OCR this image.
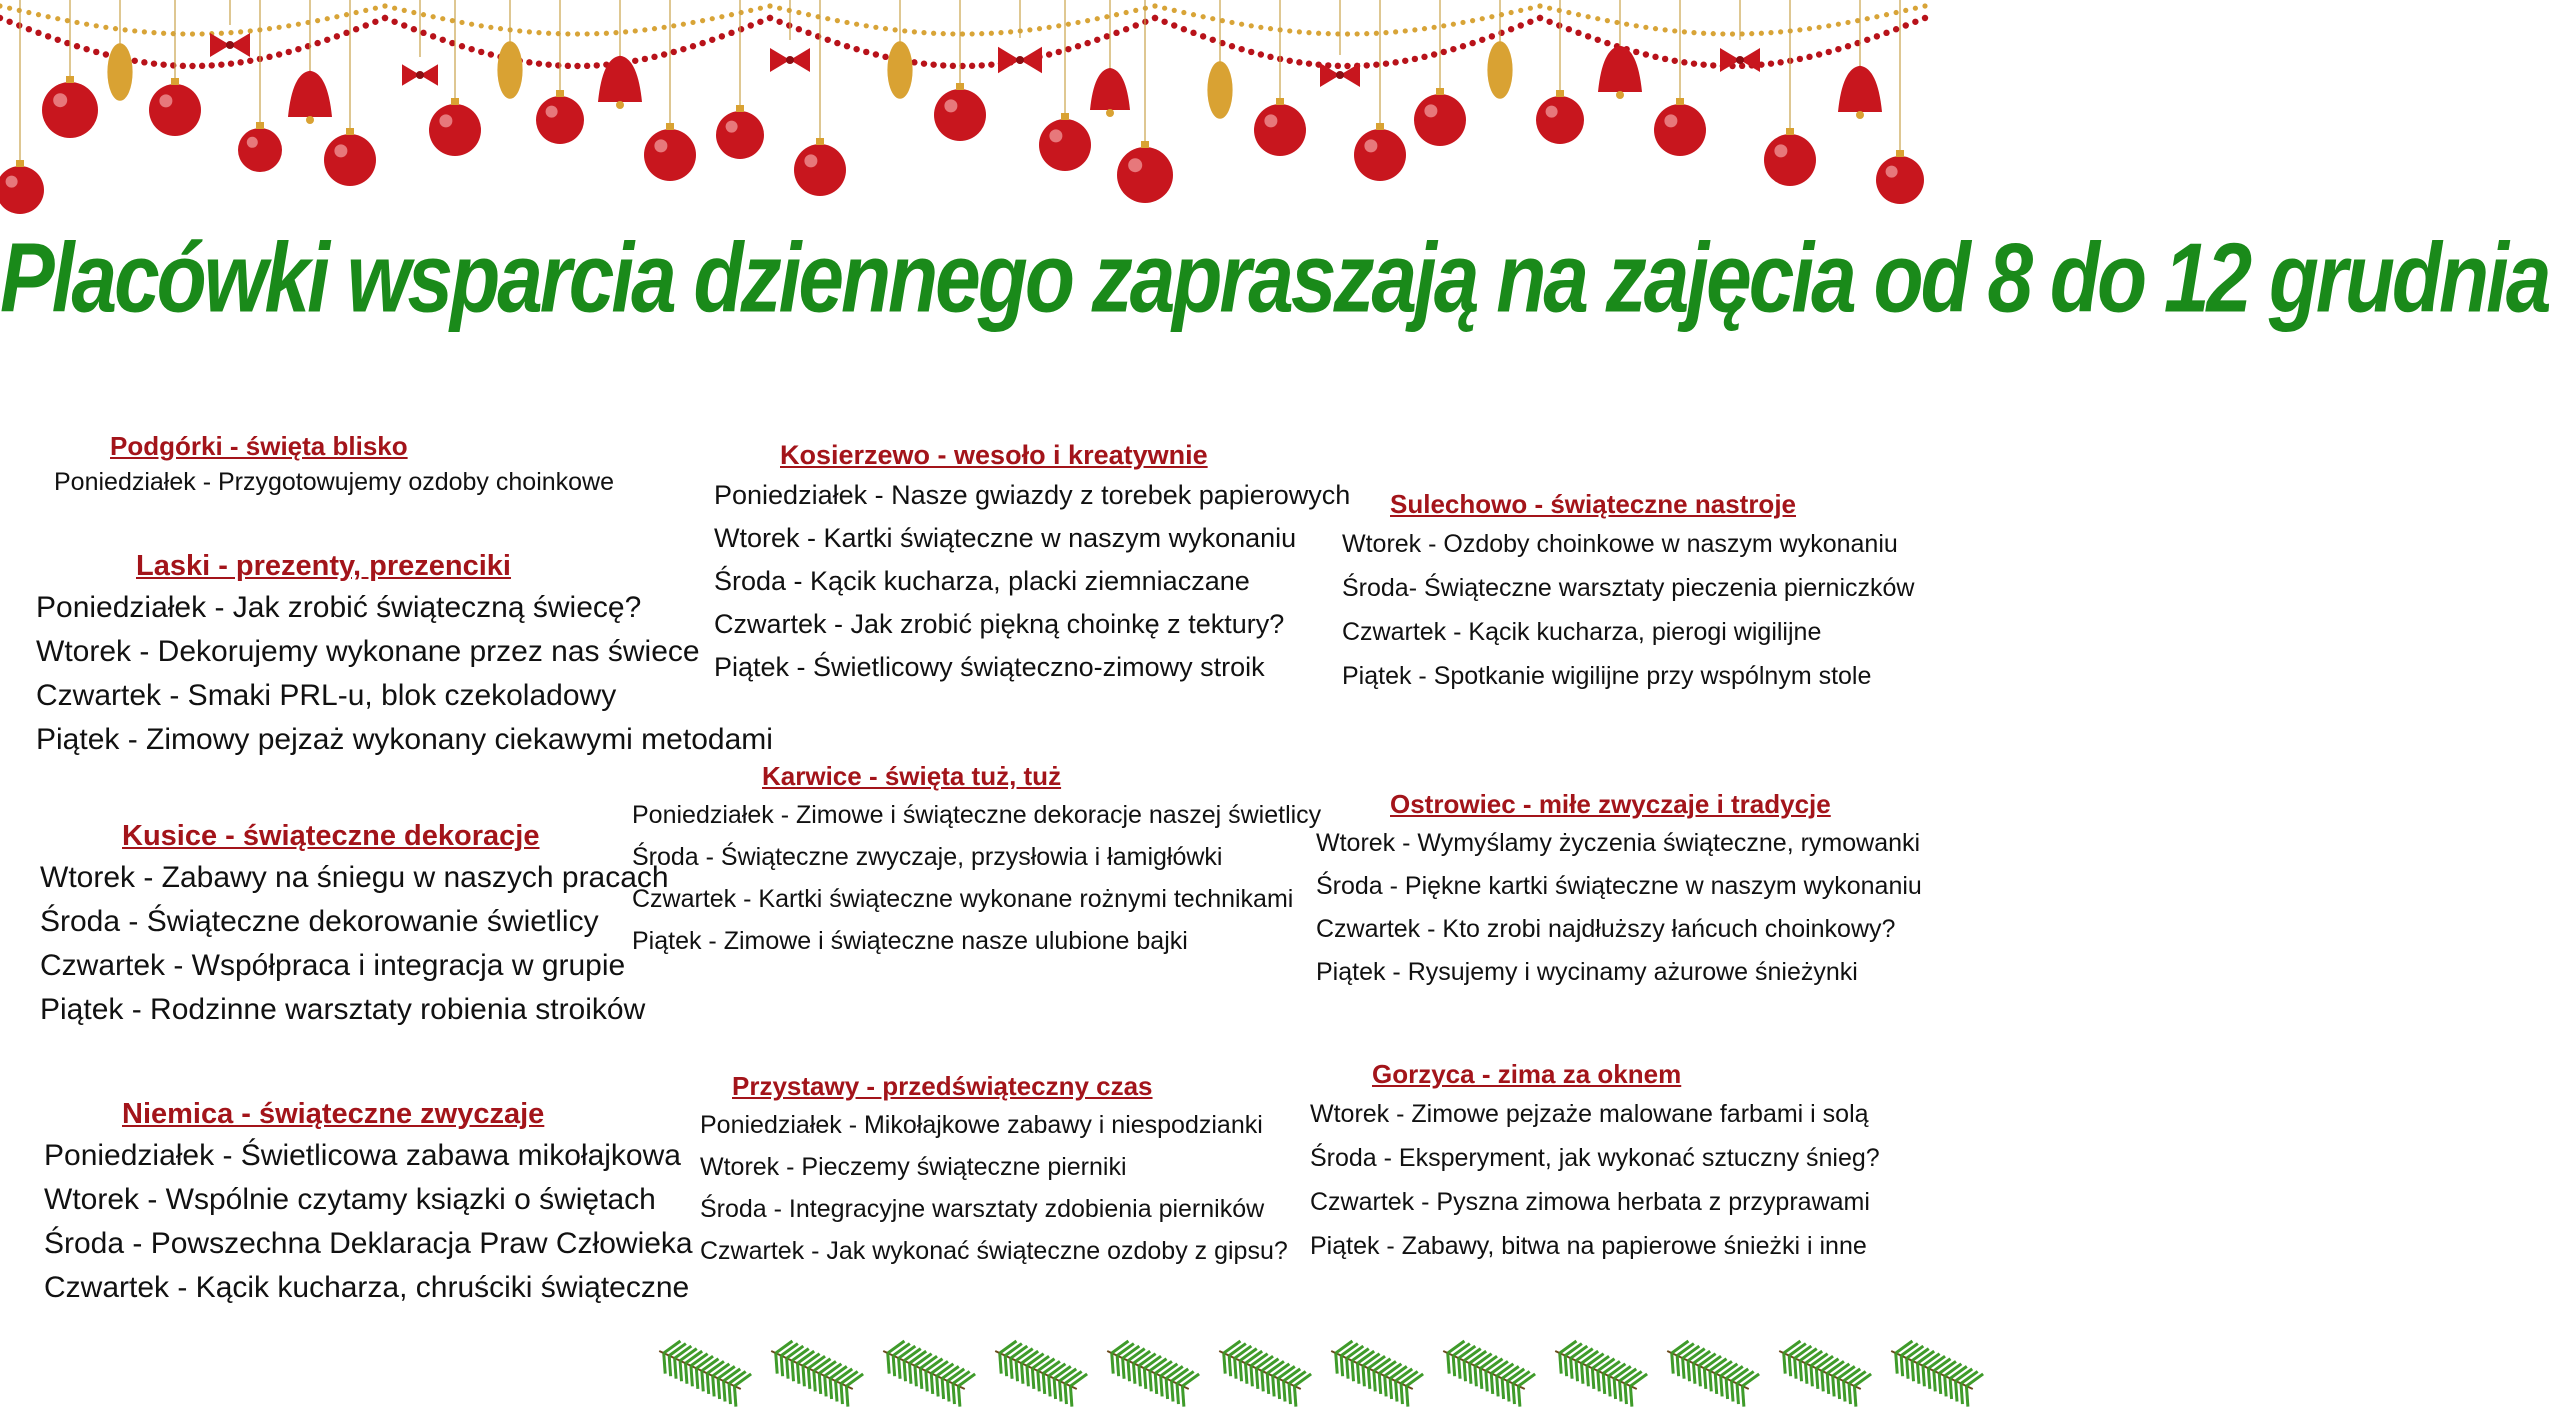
Placówki wsparcia dziennego zapraszają na zajęcia od 8 do 12 grudnia
Podgórki - święta blisko
Poniedziałek - Przygotowujemy ozdoby choinkowe
Laski - prezenty, prezenciki
Poniedziałek - Jak zrobić świąteczną świecę?
Wtorek - Dekorujemy wykonane przez nas świece
Czwartek - Smaki PRL-u, blok czekoladowy
Piątek - Zimowy pejzaż wykonany ciekawymi metodami
Kusice - świąteczne dekoracje
Wtorek - Zabawy na śniegu w naszych pracach
Środa - Świąteczne dekorowanie świetlicy
Czwartek - Współpraca i integracja w grupie
Piątek - Rodzinne warsztaty robienia stroików
Niemica - świąteczne zwyczaje
Poniedziałek - Świetlicowa zabawa mikołajkowa
Wtorek - Wspólnie czytamy ksiązki o świętach
Środa - Powszechna Deklaracja Praw Człowieka
Czwartek - Kącik kucharza, chruściki świąteczne
Kosierzewo - wesoło i kreatywnie
Poniedziałek - Nasze gwiazdy z torebek papierowych
Wtorek - Kartki świąteczne w naszym wykonaniu
Środa - Kącik kucharza, placki ziemniaczane
Czwartek - Jak zrobić piękną choinkę z tektury?
Piątek - Świetlicowy świąteczno-zimowy stroik
Karwice - święta tuż, tuż
Poniedziałek - Zimowe i świąteczne dekoracje naszej świetlicy
Środa - Świąteczne zwyczaje, przysłowia i łamigłówki
Czwartek - Kartki świąteczne wykonane rożnymi technikami
Piątek - Zimowe i świąteczne nasze ulubione bajki
Przystawy - przedświąteczny czas
Poniedziałek - Mikołajkowe zabawy i niespodzianki
Wtorek - Pieczemy świąteczne pierniki
Środa - Integracyjne warsztaty zdobienia pierników
Czwartek - Jak wykonać świąteczne ozdoby z gipsu?
Sulechowo - świąteczne nastroje
Wtorek - Ozdoby choinkowe w naszym wykonaniu
Środa- Świąteczne warsztaty pieczenia pierniczków
Czwartek - Kącik kucharza, pierogi wigilijne
Piątek - Spotkanie wigilijne przy wspólnym stole
Ostrowiec - miłe zwyczaje i tradycje
Wtorek - Wymyślamy życzenia świąteczne, rymowanki
Środa - Piękne kartki świąteczne w naszym wykonaniu
Czwartek - Kto zrobi najdłuższy łańcuch choinkowy?
Piątek - Rysujemy i wycinamy ażurowe śnieżynki
Gorzyca - zima za oknem
Wtorek - Zimowe pejzaże malowane farbami i solą
Środa - Eksperyment, jak wykonać sztuczny śnieg?
Czwartek - Pyszna zimowa herbata z przyprawami
Piątek - Zabawy, bitwa na papierowe śnieżki i inne
